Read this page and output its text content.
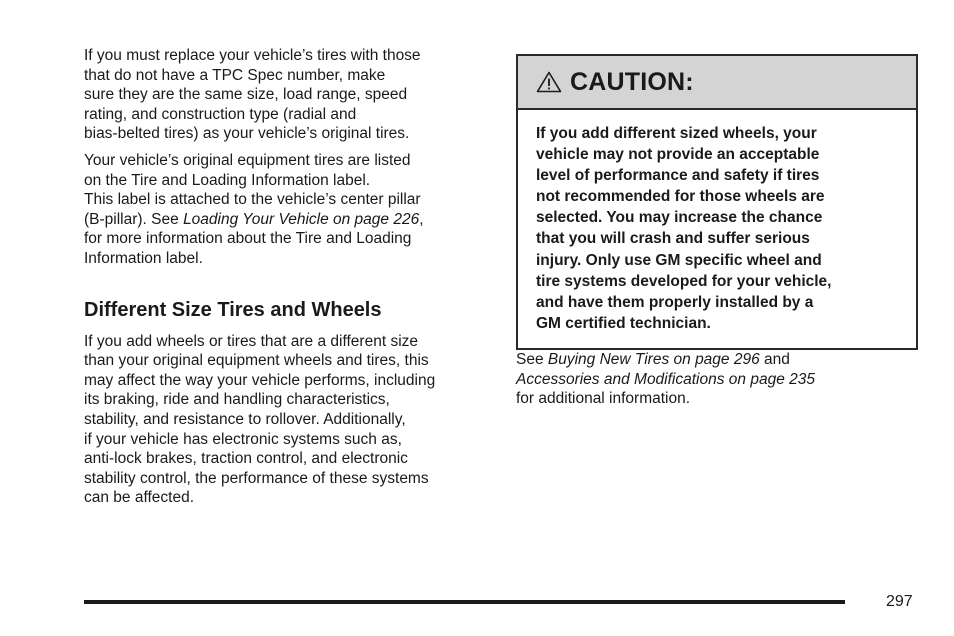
If you must replace your vehicle’s tires with those
that do not have a TPC Spec number, make
sure they are the same size, load range, speed
rating, and construction type (radial and
bias-belted tires) as your vehicle’s original tires.

Your vehicle’s original equipment tires are listed
on the Tire and Loading Information label.
This label is attached to the vehicle’s center pillar
(B-pillar). See Loading Your Vehicle on page 226,
for more information about the Tire and Loading
Information label.

Different Size Tires and Wheels

If you add wheels or tires that are a different size
than your original equipment wheels and tires, this
may affect the way your vehicle performs, including
its braking, ride and handling characteristics,
stability, and resistance to rollover. Additionally,
if your vehicle has electronic systems such as,
anti-lock brakes, traction control, and electronic
stability control, the performance of these systems
can be affected.

CAUTION:
If you add different sized wheels, your
vehicle may not provide an acceptable
level of performance and safety if tires
not recommended for those wheels are
selected. You may increase the chance
that you will crash and suffer serious
injury. Only use GM specific wheel and
tire systems developed for your vehicle,
and have them properly installed by a
GM certified technician.

See Buying New Tires on page 296 and
Accessories and Modifications on page 235
for additional information.

297
